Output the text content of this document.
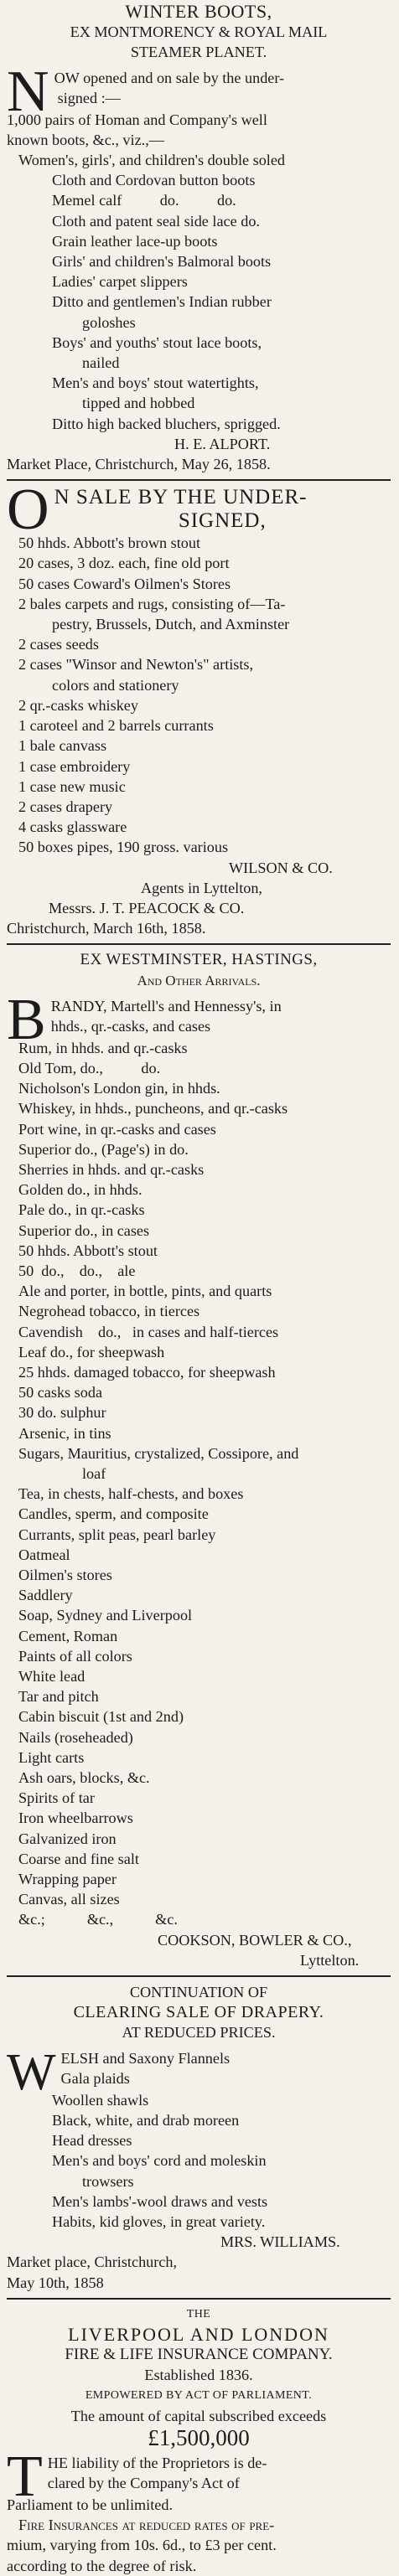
WINTER BOOTS,
EX MONTMORENCY & ROYAL MAIL
STEAMER PLANET.
N OW opened and on sale by the under-
signed :—
1,000 pairs of Homan and Company's well
known boots, &c., viz.,—
Women's, girls', and children's double soled
Cloth and Cordovan button boots
Memel calf          do.          do.
Cloth and patent seal side lace do.
Grain leather lace-up boots
Girls' and children's Balmoral boots
Ladies' carpet slippers
Ditto and gentlemen's Indian rubber
goloshes
Boys' and youths' stout lace boots,
nailed
Men's and boys' stout watertights,
tipped and hobbed
Ditto high backed bluchers, sprigged.
H. E. ALPORT.
Market Place, Christchurch, May 26, 1858.
O N SALE BY THE UNDER-
SIGNED,
50 hhds. Abbott's brown stout
20 cases, 3 doz. each, fine old port
50 cases Coward's Oilmen's Stores
2 bales carpets and rugs, consisting of—Ta-
pestry, Brussels, Dutch, and Axminster
2 cases seeds
2 cases "Winsor and Newton's" artists,
colors and stationery
2 qr.-casks whiskey
1 caroteel and 2 barrels currants
1 bale canvass
1 case embroidery
1 case new music
2 cases drapery
4 casks glassware
50 boxes pipes, 190 gross. various
WILSON & CO.
Agents in Lyttelton,
Messrs. J. T. PEACOCK & CO.
Christchurch, March 16th, 1858.
EX WESTMINSTER, HASTINGS,
And Other Arrivals.
B RANDY, Martell's and Hennessy's, in
hhds., qr.-casks, and cases
Rum, in hhds. and qr.-casks
Old Tom, do.,          do.
Nicholson's London gin, in hhds.
Whiskey, in hhds., puncheons, and qr.-casks
Port wine, in qr.-casks and cases
Superior do., (Page's) in do.
Sherries in hhds. and qr.-casks
Golden do., in hhds.
Pale do., in qr.-casks
Superior do., in cases
50 hhds. Abbott's stout
50  do.,    do.,    ale
Ale and porter, in bottle, pints, and quarts
Negrohead tobacco, in tierces
Cavendish    do.,   in cases and half-tierces
Leaf do., for sheepwash
25 hhds. damaged tobacco, for sheepwash
50 casks soda
30 do. sulphur
Arsenic, in tins
Sugars, Mauritius, crystalized, Cossipore, and
loaf
Tea, in chests, half-chests, and boxes
Candles, sperm, and composite
Currants, split peas, pearl barley
Oatmeal
Oilmen's stores
Saddlery
Soap, Sydney and Liverpool
Cement, Roman
Paints of all colors
White lead
Tar and pitch
Cabin biscuit (1st and 2nd)
Nails (roseheaded)
Light carts
Ash oars, blocks, &c.
Spirits of tar
Iron wheelbarrows
Galvanized iron
Coarse and fine salt
Wrapping paper
Canvas, all sizes
&c.;           &c.,           &c.
COOKSON, BOWLER & CO.,
Lyttelton.
CONTINUATION OF
CLEARING SALE OF DRAPERY.
AT REDUCED PRICES.
W ELSH and Saxony Flannels
Gala plaids
Woollen shawls
Black, white, and drab moreen
Head dresses
Men's and boys' cord and moleskin
trowsers
Men's lambs'-wool draws and vests
Habits, kid gloves, in great variety.
MRS. WILLIAMS.
Market place, Christchurch,
May 10th, 1858
THE
LIVERPOOL AND LONDON
FIRE & LIFE INSURANCE COMPANY.
Established 1836.
EMPOWERED BY ACT OF PARLIAMENT.
The amount of capital subscribed exceeds
£1,500,000
T HE liability of the Proprietors is de-
clared by the Company's Act of
Parliament to be unlimited.
Fire Insurances at reduced rates of pre-
mium, varying from 10s. 6d., to £3 per cent.
according to the degree of risk.
